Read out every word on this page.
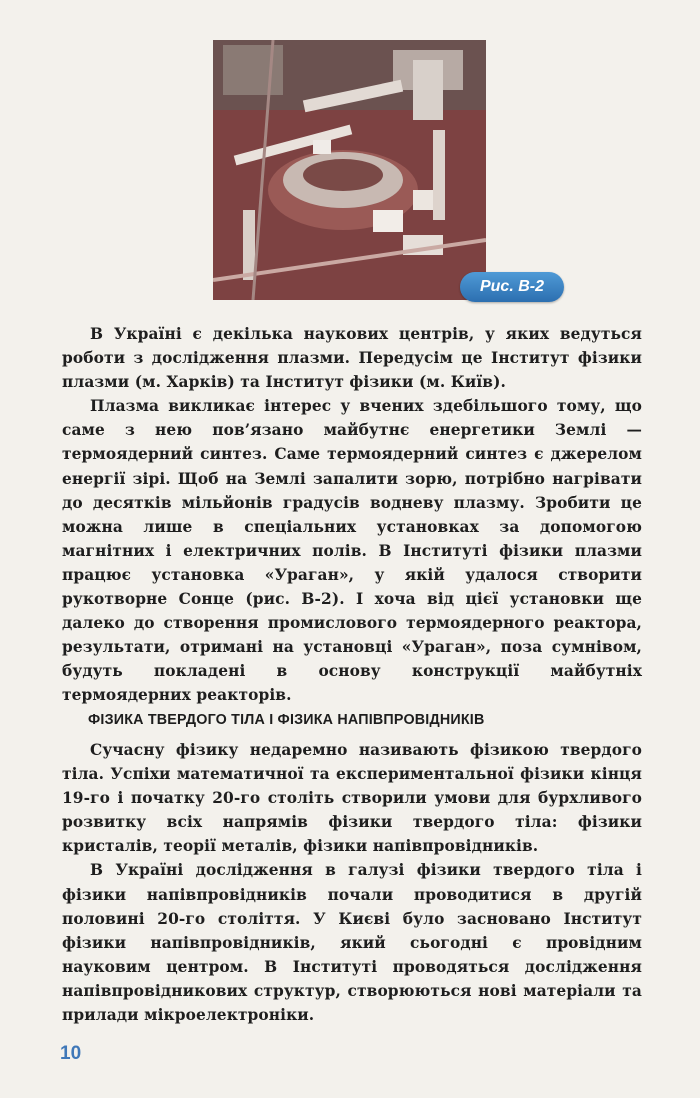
Рис. В-2

В Україні є декілька наукових центрів, у яких ведуться роботи з дослідження плазми. Передусім це Інститут фізики плазми (м. Харків) та Інститут фізики (м. Київ).

Плазма викликає інтерес у вчених здебільшого тому, що саме з нею пов’язано майбутнє енергетики Землі — термоядерний синтез. Саме термоядерний синтез є джерелом енергії зірі. Щоб на Землі запалити зорю, потрібно нагрівати до десятків мільйонів градусів водневу плазму. Зробити це можна лише в спеціальних установках за допомогою магнітних і електричних полів. В Інституті фізики плазми працює установка «Ураган», у якій удалося створити рукотворне Сонце (рис. В-2). І хоча від цієї установки ще далеко до створення промислового термоядерного реактора, результати, отримані на установці «Ураган», поза сумнівом, будуть покладені в основу конструкції майбутніх термоядерних реакторів.

ФІЗИКА ТВЕРДОГО ТІЛА І ФІЗИКА НАПІВПРОВІДНИКІВ

Сучасну фізику недаремно називають фізикою твердого тіла. Успіхи математичної та експериментальної фізики кінця 19-го і початку 20-го століть створили умови для бурхливого розвитку всіх напрямів фізики твердого тіла: фізики кристалів, теорії металів, фізики напівпровідників.

В Україні дослідження в галузі фізики твердого тіла і фізики напівпровідників почали проводитися в другій половині 20-го століття. У Києві було засновано Інститут фізики напівпровідників, який сьогодні є провідним науковим центром. В Інституті проводяться дослідження напівпровідникових структур, створюються нові матеріали та прилади мікроелектроніки.

10
